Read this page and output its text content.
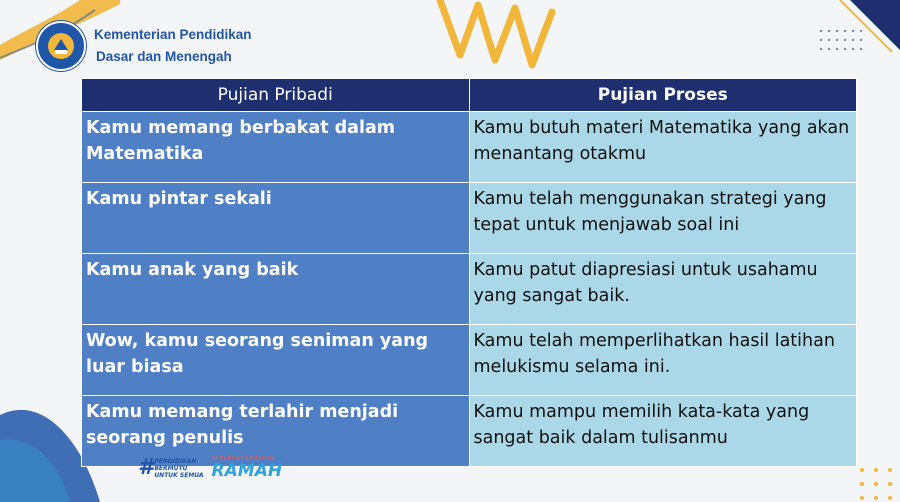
Kementerian Pendidikan
Dasar dan Menengah
Pujian Pribadi	Pujian Proses
Kamu memang berbakat dalam Matematika	Kamu butuh materi Matematika yang akan menantang otakmu
Kamu pintar sekali	Kamu telah menggunakan strategi yang tepat untuk menjawab soal ini
Kamu anak yang baik	Kamu patut diapresiasi untuk usahamu yang sangat baik.
Wow, kamu seorang seniman yang luar biasa	Kamu telah memperlihatkan hasil latihan melukismu selama ini.
Kamu memang terlahir menjadi seorang penulis	Kamu mampu memilih kata-kata yang sangat baik dalam tulisanmu
# PENDIDIKAN
BERMUTU
UNTUK SEMUA
SEMANGAT RAMADAN
RAMAH
